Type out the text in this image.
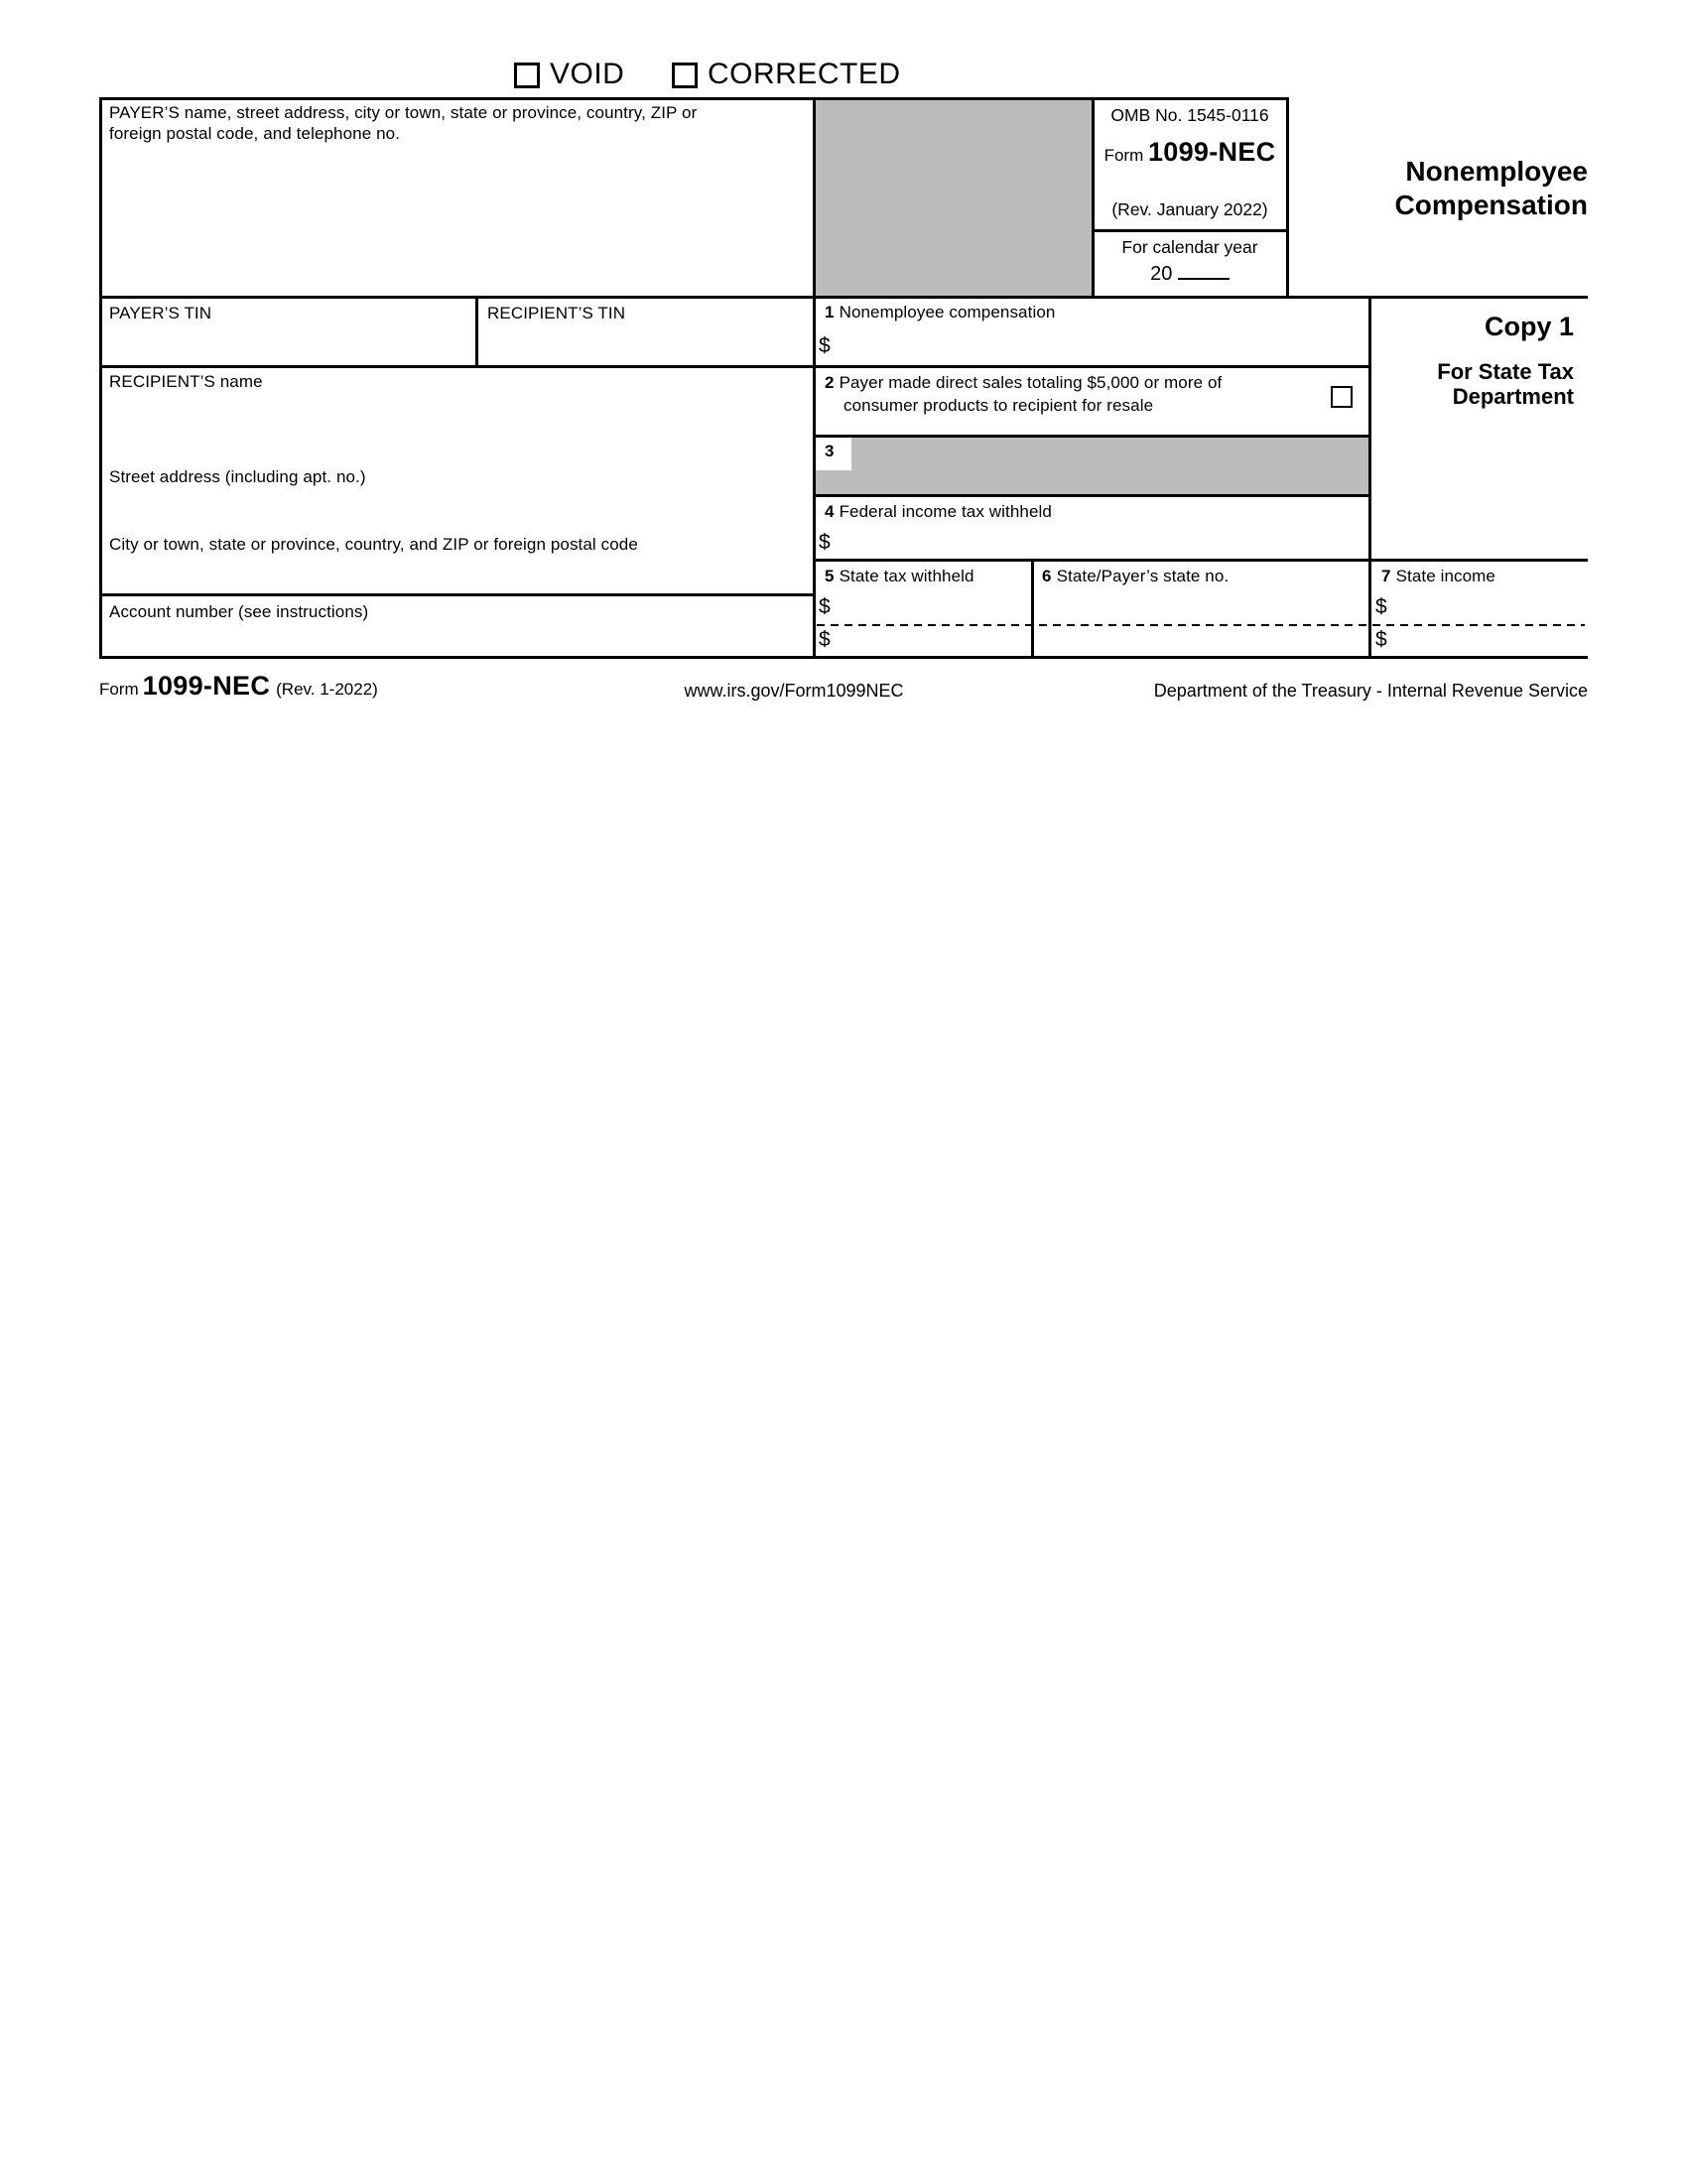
VOID	CORRECTED
OMB No. 1545-0116
Form 1099-NEC
(Rev. January 2022)
For calendar year
20
Nonemployee
Compensation
Copy 1
For State Tax
Department
PAYER’S name, street address, city or town, state or province, country, ZIP or foreign postal code, and telephone no.
PAYER’S TIN	RECIPIENT’S TIN
RECIPIENT’S name
Street address (including apt. no.)
City or town, state or province, country, and ZIP or foreign postal code
Account number (see instructions)
1 Nonemployee compensation
$
2 Payer made direct sales totaling $5,000 or more of
consumer products to recipient for resale
3
4 Federal income tax withheld
$
5 State tax withheld
$
$
6 State/Payer’s state no.	7 State income
$
$
Form 1099-NEC (Rev. 1-2022)	www.irs.gov/Form1099NEC	Department of the Treasury - Internal Revenue Service
